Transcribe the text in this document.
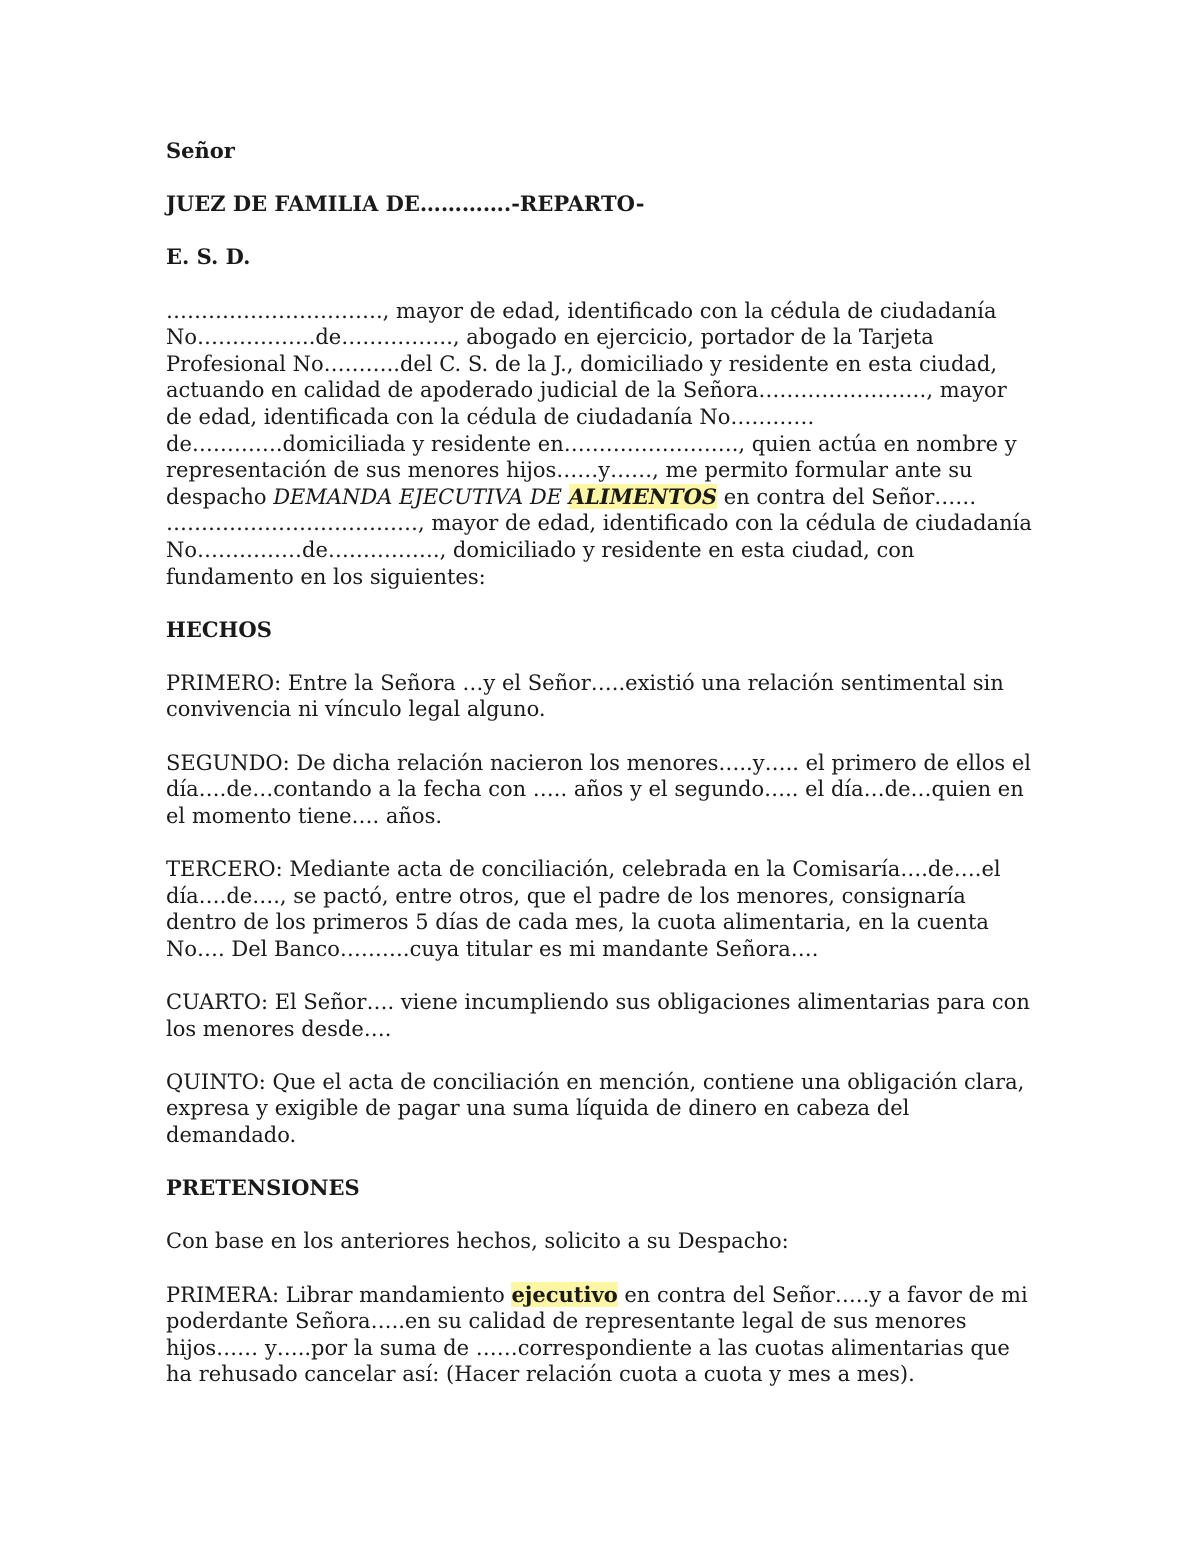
Señor

JUEZ DE FAMILIA DE………….-REPARTO-

E. S. D.

…………………………., mayor de edad, identificado con la cédula de ciudadanía No……………..de……………., abogado en ejercicio, portador de la Tarjeta Profesional No………..del C. S. de la J., domiciliado y residente en esta ciudad, actuando en calidad de apoderado judicial de la Señora……………………, mayor de edad, identificada con la cédula de ciudadanía No…………de………….domiciliada y residente en……………………., quien actúa en nombre y representación de sus menores hijos……y……, me permito formular ante su despacho DEMANDA EJECUTIVA DE ALIMENTOS en contra del Señor…… ………………………………, mayor de edad, identificado con la cédula de ciudadanía No……………de……………., domiciliado y residente en esta ciudad, con fundamento en los siguientes:

HECHOS

PRIMERO: Entre la Señora …y el Señor…..existió una relación sentimental sin convivencia ni vínculo legal alguno.

SEGUNDO: De dicha relación nacieron los menores…..y….. el primero de ellos el día….de…contando a la fecha con ….. años y el segundo….. el día…de…quien en el momento tiene…. años.

TERCERO: Mediante acta de conciliación, celebrada en la Comisaría….de….el día….de…., se pactó, entre otros, que el padre de los menores, consignaría dentro de los primeros 5 días de cada mes, la cuota alimentaria, en la cuenta No…. Del Banco……….cuya titular es mi mandante Señora….

CUARTO: El Señor…. viene incumpliendo sus obligaciones alimentarias para con los menores desde….

QUINTO: Que el acta de conciliación en mención, contiene una obligación clara, expresa y exigible de pagar una suma líquida de dinero en cabeza del demandado.

PRETENSIONES

Con base en los anteriores hechos, solicito a su Despacho:

PRIMERA: Librar mandamiento ejecutivo en contra del Señor…..y a favor de mi poderdante Señora…..en su calidad de representante legal de sus menores hijos…… y…..por la suma de ……correspondiente a las cuotas alimentarias que ha rehusado cancelar así: (Hacer relación cuota a cuota y mes a mes).
